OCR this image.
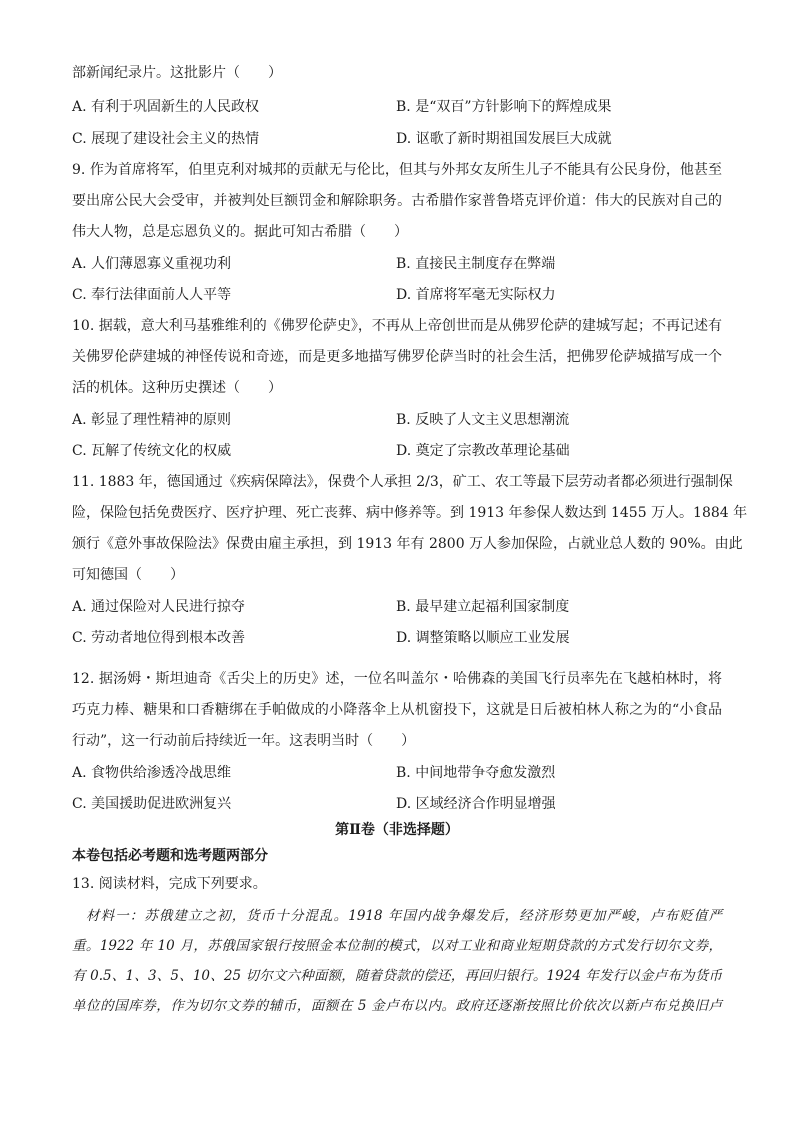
部新闻纪录片。这批影片（　　）
A. 有利于巩固新生的人民政权	B. 是“双百”方针影响下的辉煌成果
C. 展现了建设社会主义的热情	D. 讴歌了新时期祖国发展巨大成就
9. 作为首席将军，伯里克利对城邦的贡献无与伦比，但其与外邦女友所生儿子不能具有公民身份，他甚至
要出席公民大会受审，并被判处巨额罚金和解除职务。古希腊作家普鲁塔克评价道：伟大的民族对自己的
伟大人物，总是忘恩负义的。据此可知古希腊（　　）
A. 人们薄恩寡义重视功利	B. 直接民主制度存在弊端
C. 奉行法律面前人人平等	D. 首席将军毫无实际权力
10. 据载，意大利马基雅维利的《佛罗伦萨史》，不再从上帝创世而是从佛罗伦萨的建城写起；不再记述有
关佛罗伦萨建城的神怪传说和奇迹，而是更多地描写佛罗伦萨当时的社会生活，把佛罗伦萨城描写成一个
活的机体。这种历史撰述（　　）
A. 彰显了理性精神的原则	B. 反映了人文主义思想潮流
C. 瓦解了传统文化的权威	D. 奠定了宗教改革理论基础
11. 1883 年，德国通过《疾病保障法》，保费个人承担 2/3，矿工、农工等最下层劳动者都必须进行强制保
险，保险包括免费医疗、医疗护理、死亡丧葬、病中修养等。到 1913 年参保人数达到 1455 万人。1884 年
颁行《意外事故保险法》保费由雇主承担，到 1913 年有 2800 万人参加保险，占就业总人数的 90%。由此
可知德国（　　）
A. 通过保险对人民进行掠夺	B. 最早建立起福利国家制度
C. 劳动者地位得到根本改善	D. 调整策略以顺应工业发展
12. 据汤姆・斯坦迪奇《舌尖上的历史》述，一位名叫盖尔・哈佛森的美国飞行员率先在飞越柏林时，将
巧克力棒、糖果和口香糖绑在手帕做成的小降落伞上从机窗投下，这就是日后被柏林人称之为的“小食品
行动”，这一行动前后持续近一年。这表明当时（　　）
A. 食物供给渗透冷战思维	B. 中间地带争夺愈发激烈
C. 美国援助促进欧洲复兴	D. 区域经济合作明显增强
第Ⅱ卷（非选择题）
本卷包括必考题和选考题两部分
13. 阅读材料，完成下列要求。
材料一：苏俄建立之初，货币十分混乱。1918 年国内战争爆发后，经济形势更加严峻，卢布贬值严
重。1922 年 10 月，苏俄国家银行按照金本位制的模式，以对工业和商业短期贷款的方式发行切尔文券，
有 0.5、1、3、5、10、25 切尔文六种面额，随着贷款的偿还，再回归银行。1924 年发行以金卢布为货币
单位的国库券，作为切尔文券的辅币，面额在 5 金卢布以内。政府还逐渐按照比价依次以新卢布兑换旧卢
